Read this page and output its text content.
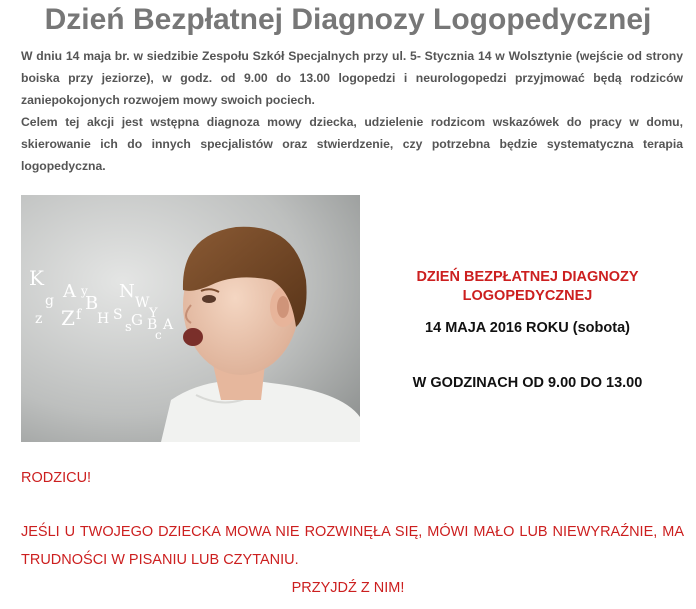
Dzień Bezpłatnej Diagnozy Logopedycznej

W dniu 14 maja br. w siedzibie Zespołu Szkół Specjalnych przy ul. 5- Stycznia 14 w Wolsztynie (wejście od strony boiska przy jeziorze), w godz. od 9.00 do 13.00 logopedzi i neurologopedzi przyjmować będą rodziców zaniepokojonych rozwojem mowy swoich pociech.

Celem tej akcji jest wstępna diagnoza mowy dziecka, udzielenie rodzicom wskazówek do pracy w domu, skierowanie ich do innych specjalistów oraz stwierdzenie, czy potrzebna będzie systematyczna terapia logopedyczna.

K
A
g
Z
N
B
z f S
H G
W
s
Y
B A
y
c

DZIEŃ BEZPŁATNEJ DIAGNOZY
LOGOPEDYCZNEJ

14 MAJA 2016 ROKU (sobota)

W GODZINACH OD 9.00 DO 13.00

RODZICU!

JEŚLI U TWOJEGO DZIECKA MOWA NIE ROZWINĘŁA SIĘ, MÓWI MAŁO LUB NIEWYRAŹNIE, MA TRUDNOŚCI W PISANIU LUB CZYTANIU.

PRZYJDŹ Z NIM!
